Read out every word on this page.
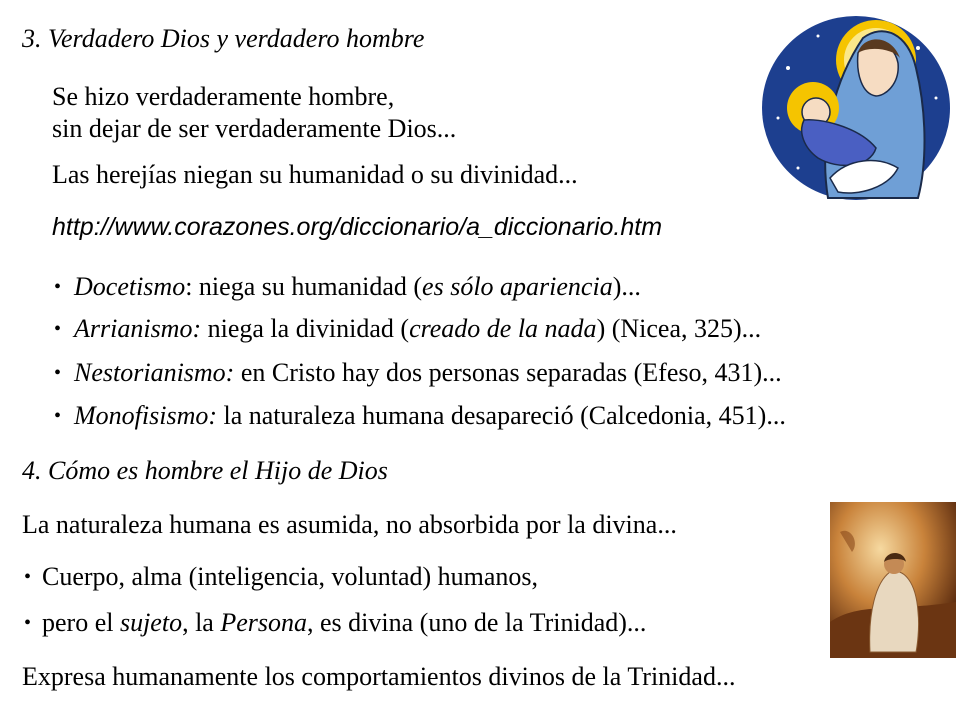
3. Verdadero Dios y verdadero hombre
Se hizo verdaderamente hombre,
sin dejar de ser verdaderamente Dios...
Las herejías niegan su humanidad o su divinidad...
http://www.corazones.org/diccionario/a_diccionario.htm
• Docetismo: niega su humanidad (es sólo apariencia)...
• Arrianismo: niega la divinidad (creado de la nada) (Nicea, 325)...
• Nestorianismo: en Cristo hay dos personas separadas (Efeso, 431)...
• Monofisismo: la naturaleza humana desapareció (Calcedonia, 451)...
4. Cómo es hombre el Hijo de Dios
La naturaleza humana es asumida, no absorbida por la divina...
• Cuerpo, alma (inteligencia, voluntad) humanos,
• pero el sujeto, la Persona, es divina (uno de la Trinidad)...
Expresa humanamente los comportamientos divinos de la Trinidad...
